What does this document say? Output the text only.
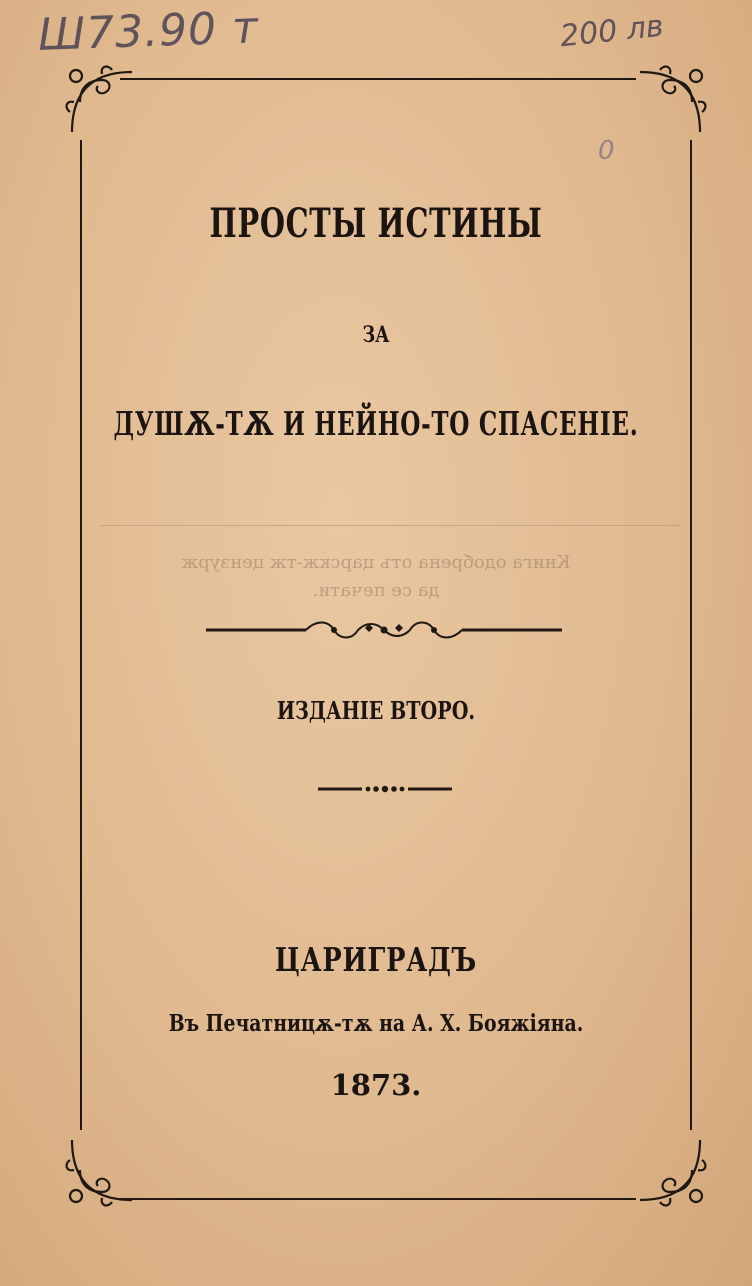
Ш73.90 т	200 лв
0
ПРОСТЫ ИСТИНЫ
ЗА
ДУШѪ-ТѪ И НЕЙНО-ТО СПАСЕНІЕ.
Книга одобрена отъ царскж-тж цензурж
да се печати.
ИЗДАНІЕ ВТОРО.
ЦАРИГРАДЪ
Въ Печатницѫ-тѫ на А. Х. Бояжіяна.
1873.
